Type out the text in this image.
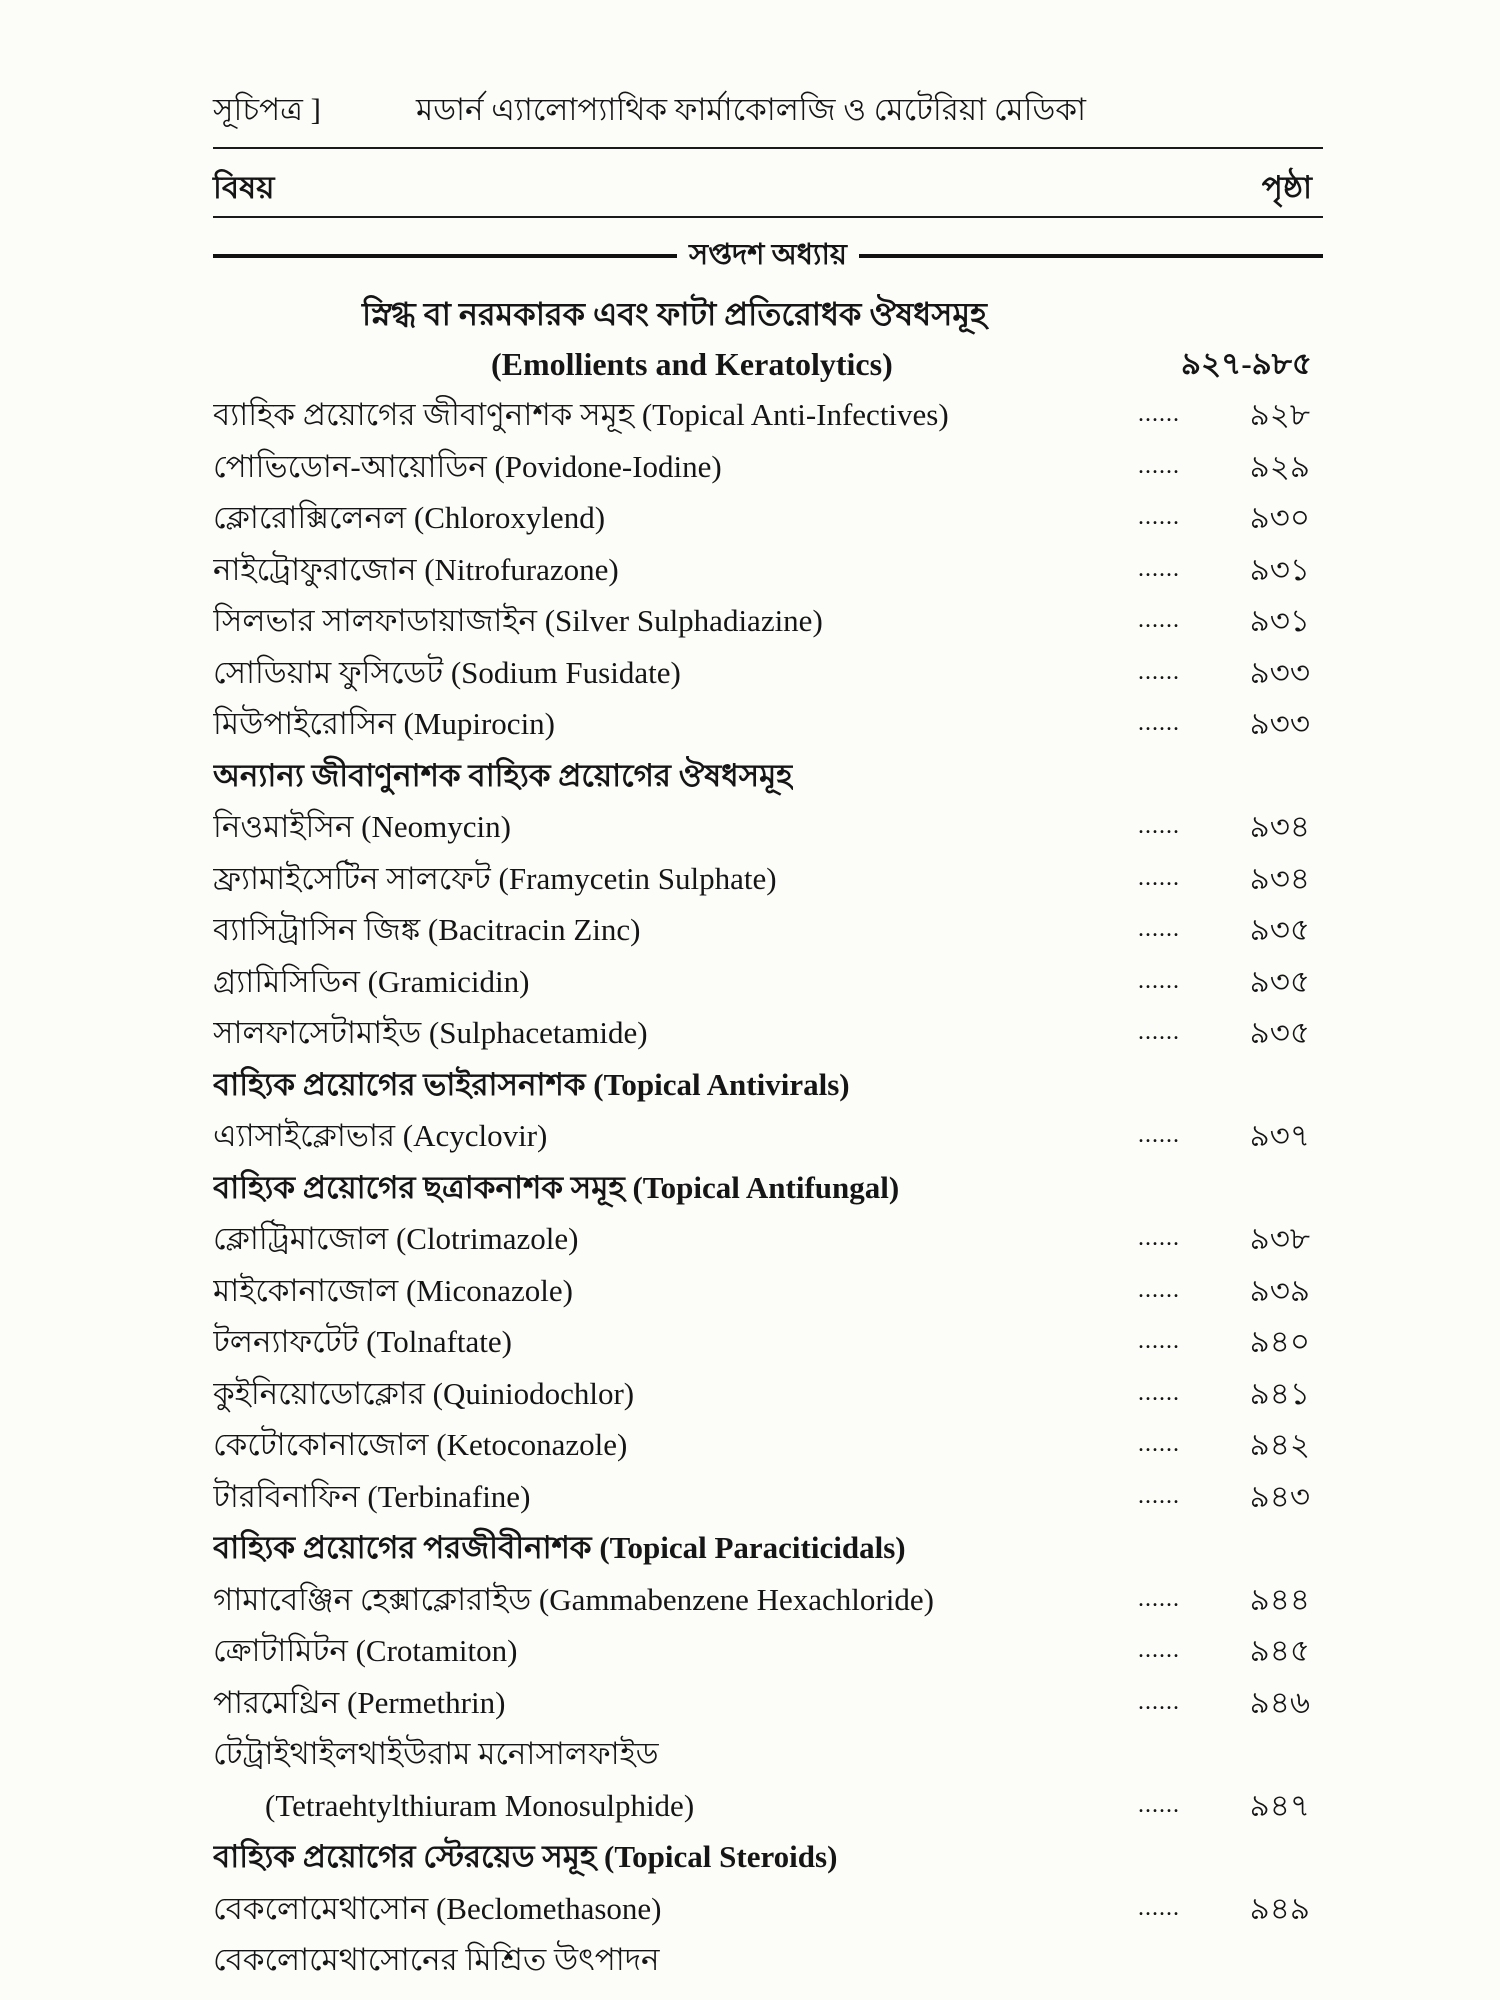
সূচিপত্র ]	মডার্ন এ্যালোপ্যাথিক ফার্মাকোলজি ও মেটেরিয়া মেডিকা
বিষয়	পৃষ্ঠা
সপ্তদশ অধ্যায়
স্নিগ্ধ বা নরমকারক এবং ফাটা প্রতিরোধক ঔষধসমূহ
(Emollients and Keratolytics)	৯২৭-৯৮৫
ব্যাহিক প্রয়োগের জীবাণুনাশক সমূহ (Topical Anti-Infectives)	...... ৯২৮
পোভিডোন-আয়োডিন (Povidone-Iodine)	...... ৯২৯
ক্লোরোক্সিলেনল (Chloroxylend)	...... ৯৩০
নাইট্রোফুরাজোন (Nitrofurazone)	...... ৯৩১
সিলভার সালফাডায়াজাইন (Silver Sulphadiazine)	...... ৯৩১
সোডিয়াম ফুসিডেট (Sodium Fusidate)	...... ৯৩৩
মিউপাইরোসিন (Mupirocin)	...... ৯৩৩
অন্যান্য জীবাণুনাশক বাহ্যিক প্রয়োগের ঔষধসমূহ
নিওমাইসিন (Neomycin)	...... ৯৩৪
ফ্র্যামাইসেটিন সালফেট (Framycetin Sulphate)	...... ৯৩৪
ব্যাসিট্রাসিন জিঙ্ক (Bacitracin Zinc)	...... ৯৩৫
গ্র্যামিসিডিন (Gramicidin)	...... ৯৩৫
সালফাসেটামাইড (Sulphacetamide)	...... ৯৩৫
বাহ্যিক প্রয়োগের ভাইরাসনাশক (Topical Antivirals)
এ্যাসাইক্লোভার (Acyclovir)	...... ৯৩৭
বাহ্যিক প্রয়োগের ছত্রাকনাশক সমূহ (Topical Antifungal)
ক্লোট্রিমাজোল (Clotrimazole)	...... ৯৩৮
মাইকোনাজোল (Miconazole)	...... ৯৩৯
টলন্যাফটেট (Tolnaftate)	...... ৯৪০
কুইনিয়োডোক্লোর (Quiniodochlor)	...... ৯৪১
কেটোকোনাজোল (Ketoconazole)	...... ৯৪২
টারবিনাফিন (Terbinafine)	...... ৯৪৩
বাহ্যিক প্রয়োগের পরজীবীনাশক (Topical Paraciticidals)
গামাবেঞ্জিন হেক্সাক্লোরাইড (Gammabenzene Hexachloride)	...... ৯৪৪
ক্রোটামিটন (Crotamiton)	...... ৯৪৫
পারমেথ্রিন (Permethrin)	...... ৯৪৬
টেট্রাইথাইলথাইউরাম মনোসালফাইড
(Tetraehtylthiuram Monosulphide)	...... ৯৪৭
বাহ্যিক প্রয়োগের স্টেরয়েড সমূহ (Topical Steroids)
বেকলোমেথাসোন (Beclomethasone)	...... ৯৪৯
বেকলোমেথাসোনের মিশ্রিত উৎপাদন
